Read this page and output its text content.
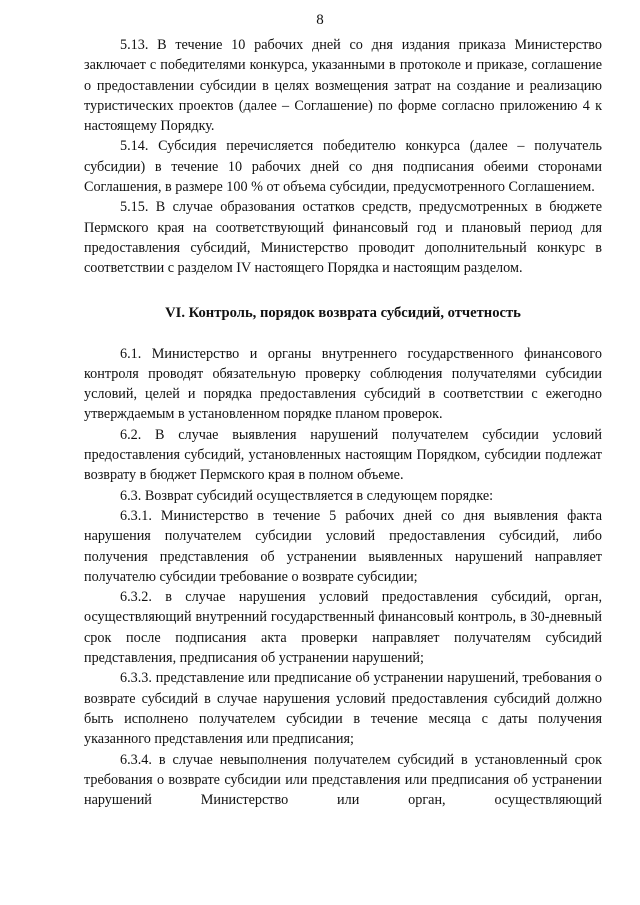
8

5.13. В течение 10 рабочих дней со дня издания приказа Министерство заключает с победителями конкурса, указанными в протоколе и приказе, соглашение о предоставлении субсидии в целях возмещения затрат на создание и реализацию туристических проектов (далее – Соглашение) по форме согласно приложению 4 к настоящему Порядку.

5.14. Субсидия перечисляется победителю конкурса (далее – получатель субсидии) в течение 10 рабочих дней со дня подписания обеими сторонами Соглашения, в размере 100 % от объема субсидии, предусмотренного Соглашением.

5.15. В случае образования остатков средств, предусмотренных в бюджете Пермского края на соответствующий финансовый год и плановый период для предоставления субсидий, Министерство проводит дополнительный конкурс в соответствии с разделом IV настоящего Порядка и настоящим разделом.

VI. Контроль, порядок возврата субсидий, отчетность

6.1. Министерство и органы внутреннего государственного финансового контроля проводят обязательную проверку соблюдения получателями субсидии условий, целей и порядка предоставления субсидий в соответствии с ежегодно утверждаемым в установленном порядке планом проверок.

6.2. В случае выявления нарушений получателем субсидии условий предоставления субсидий, установленных настоящим Порядком, субсидии подлежат возврату в бюджет Пермского края в полном объеме.

6.3. Возврат субсидий осуществляется в следующем порядке:

6.3.1. Министерство в течение 5 рабочих дней со дня выявления факта нарушения получателем субсидии условий предоставления субсидий, либо получения представления об устранении выявленных нарушений направляет получателю субсидии требование о возврате субсидии;

6.3.2. в случае нарушения условий предоставления субсидий, орган, осуществляющий внутренний государственный финансовый контроль, в 30-дневный срок после подписания акта проверки направляет получателям субсидий представления, предписания об устранении нарушений;

6.3.3. представление или предписание об устранении нарушений, требования о возврате субсидий в случае нарушения условий предоставления субсидий должно быть исполнено получателем субсидии в течение месяца с даты получения указанного представления или предписания;

6.3.4. в случае невыполнения получателем субсидий в установленный срок требования о возврате субсидии или представления или предписания об устранении нарушений Министерство или орган, осуществляющий
